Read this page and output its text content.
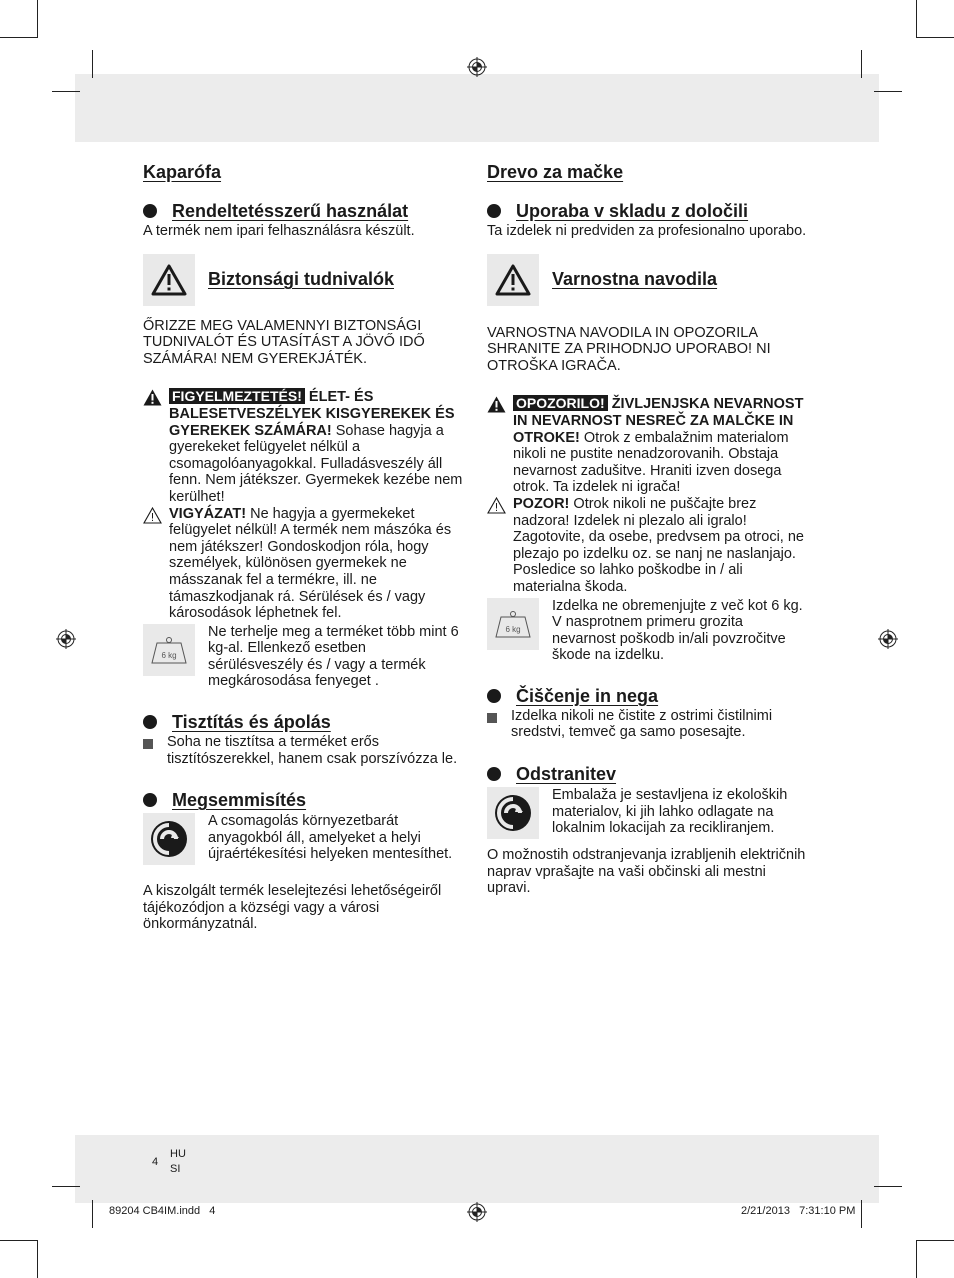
Kaparófa
Rendeltetésszerű használat

A termék nem ipari felhasználásra készült.

Biztonsági tudnivalók

ŐRIZZE MEG VALAMENNYI BIZTONSÁGI TUDNIVALÓT ÉS UTASÍTÁST A JÖVŐ IDŐ SZÁMÁRA! NEM GYEREKJÁTÉK.

FIGYELMEZTETÉS! ÉLET- ÉS BALESETVESZÉLYEK KISGYEREKEK ÉS GYEREKEK SZÁMÁRA! Sohase hagyja a gyerekeket felügyelet nélkül a csomagolóanyagokkal. Fulladásveszély áll fenn. Nem játékszer. Gyermekek kezébe nem kerülhet!
VIGYÁZAT! Ne hagyja a gyermekeket felügyelet nélkül! A termék nem mászóka és nem játékszer! Gondoskodjon róla, hogy személyek, különösen gyermekek ne másszanak fel a termékre, ill. ne támaszkodjanak rá. Sérülések és / vagy károsodások léphetnek fel.
6 kg

Ne terhelje meg a terméket több mint 6 kg-al. Ellenkező esetben sérülésveszély és / vagy a termék megkárosodása fenyeget .

Tisztítás és ápolás
Soha ne tisztítsa a terméket erős tisztítószerekkel, hanem csak porszívózza le.
Megsemmisítés

A csomagolás környezetbarát anyagokból áll, amelyeket a helyi újraértékesítési helyeken mentesíthet.

A kiszolgált termék leselejtezési lehetőségeiről tájékozódjon a községi vagy a városi önkormányzatnál.

Drevo za mačke
Uporaba v skladu z določili

Ta izdelek ni predviden za profesionalno uporabo.

Varnostna navodila

VARNOSTNA NAVODILA IN OPOZORILA SHRANITE ZA PRIHODNJO UPORABO! NI OTROŠKA IGRAČA.

OPOZORILO! ŽIVLJENJSKA NEVARNOST IN NEVARNOST NESREČ ZA MALČKE IN OTROKE! Otrok z embalažnim materialom nikoli ne pustite nenadzorovanih. Obstaja nevarnost zadušitve. Hraniti izven dosega otrok. Ta izdelek ni igrača!
POZOR! Otrok nikoli ne puščajte brez nadzora! Izdelek ni plezalo ali igralo! Zagotovite, da osebe, predvsem pa otroci, ne plezajo po izdelku oz. se nanj ne naslanjajo. Posledice so lahko poškodbe in / ali materialna škoda.
6 kg

Izdelka ne obremenjujte z več kot 6 kg. V nasprotnem primeru grozita nevarnost poškodb in/ali povzročitve škode na izdelku.

Čiščenje in nega
Izdelka nikoli ne čistite z ostrimi čistilnimi sredstvi, temveč ga samo posesajte.
Odstranitev

Embalaža je sestavljena iz ekoloških materialov, ki jih lahko odlagate na lokalnim lokacijah za recikliranjem.

O možnostih odstranjevanja izrabljenih električnih naprav vprašajte na vaši občinski ali mestni upravi.

4
HU
SI
89204 CB4IM.indd   4	2/21/2013   7:31:10 PM
